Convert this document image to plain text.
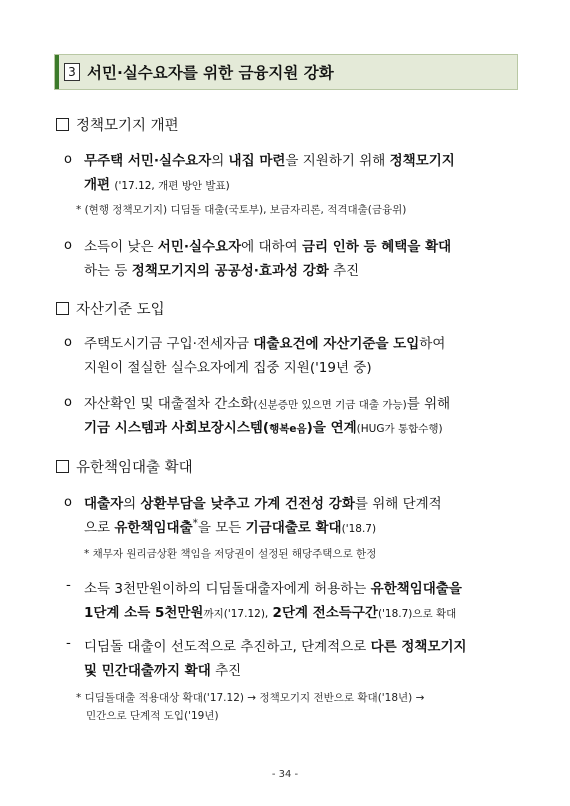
3 서민·실수요자를 위한 금융지원 강화
정책모기지 개편
ο 무주택 서민·실수요자의 내집 마련을 지원하기 위해 정책모기지
개편 ('17.12, 개편 방안 발표)
* (현행 정책모기지) 디딤돌 대출(국토부), 보금자리론, 적격대출(금융위)
ο 소득이 낮은 서민·실수요자에 대하여 금리 인하 등 혜택을 확대
하는 등 정책모기지의 공공성·효과성 강화 추진
자산기준 도입
ο 주택도시기금 구입·전세자금 대출요건에 자산기준을 도입하여
지원이 절실한 실수요자에게 집중 지원('19년 중)
ο 자산확인 및 대출절차 간소화(신분증만 있으면 기금 대출 가능)를 위해
기금 시스템과 사회보장시스템(행복e음)을 연계(HUG가 통합수행)
유한책임대출 확대
ο 대출자의 상환부담을 낮추고 가계 건전성 강화를 위해 단계적
으로 유한책임대출*을 모든 기금대출로 확대('18.7)
* 채무자 원리금상환 책임을 저당권이 설정된 해당주택으로 한정
- 소득 3천만원이하의 디딤돌대출자에게 허용하는 유한책임대출을
1단계 소득 5천만원까지('17.12), 2단계 전소득구간('18.7)으로 확대
- 디딤돌 대출이 선도적으로 추진하고, 단계적으로 다른 정책모기지
및 민간대출까지 확대 추진
* 디딤돌대출 적용대상 확대('17.12) → 정책모기지 전반으로 확대('18년) →
민간으로 단계적 도입('19년)
- 34 -
